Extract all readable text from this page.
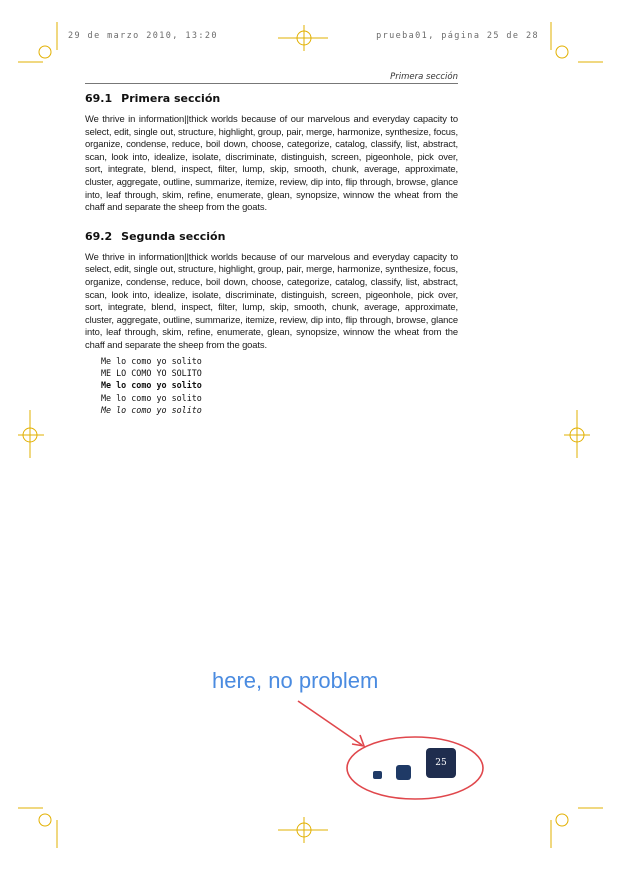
29 de marzo 2010, 13:20	prueba01, página 25 de 28
Primera sección
69.1 Primera sección

We thrive in information||thick worlds because of our marvelous and everyday capacity to select, edit, single out, structure, highlight, group, pair, merge, harmonize, synthesize, focus, organize, condense, reduce, boil down, choose, categorize, catalog, classify, list, abstract, scan, look into, idealize, isolate, discriminate, distinguish, screen, pigeonhole, pick over, sort, integrate, blend, inspect, filter, lump, skip, smooth, chunk, average, approximate, cluster, aggregate, outline, summarize, itemize, review, dip into, flip through, browse, glance into, leaf through, skim, refine, enumerate, glean, synopsize, winnow the wheat from the chaff and separate the sheep from the goats.

69.2 Segunda sección

We thrive in information||thick worlds because of our marvelous and everyday capacity to select, edit, single out, structure, highlight, group, pair, merge, harmonize, synthesize, focus, organize, condense, reduce, boil down, choose, categorize, catalog, classify, list, abstract, scan, look into, idealize, isolate, discriminate, distinguish, screen, pigeonhole, pick over, sort, integrate, blend, inspect, filter, lump, skip, smooth, chunk, average, approximate, cluster, aggregate, outline, summarize, itemize, review, dip into, flip through, browse, glance into, leaf through, skim, refine, enumerate, glean, synopsize, winnow the wheat from the chaff and separate the sheep from the goats.

Me lo como yo solito
ME LO COMO YO SOLITO
Me lo como yo solito
Me lo como yo solito
Me lo como yo solito
here, no problem
25
